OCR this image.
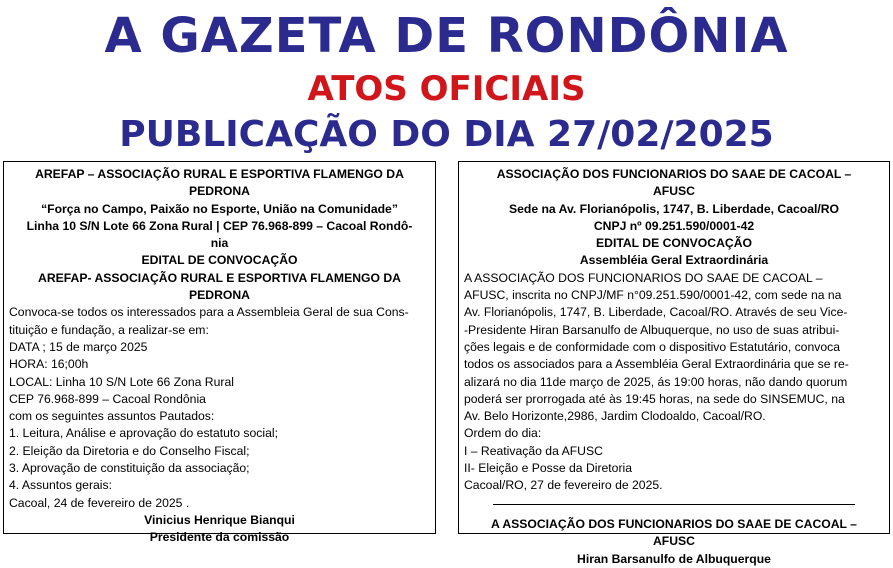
A GAZETA DE RONDÔNIA
ATOS OFICIAIS
PUBLICAÇÃO DO DIA 27/02/2025
AREFAP – ASSOCIAÇÃO RURAL E ESPORTIVA FLAMENGO DA
PEDRONA
“Força no Campo, Paixão no Esporte, União na Comunidade”
Linha 10 S/N Lote 66 Zona Rural | CEP 76.968-899 – Cacoal Rondô-
nia
EDITAL DE CONVOCAÇÃO
AREFAP- ASSOCIAÇÃO RURAL E ESPORTIVA FLAMENGO DA
PEDRONA
Convoca-se todos os interessados para a Assembleia Geral de sua Cons-
tituição e fundação, a realizar-se em:
DATA ; 15 de março 2025
HORA: 16;00h
LOCAL: Linha 10 S/N Lote 66 Zona Rural
CEP 76.968-899 – Cacoal Rondônia
com os seguintes assuntos Pautados:
1. Leitura, Análise e aprovação do estatuto social;
2. Eleição da Diretoria e do Conselho Fiscal;
3. Aprovação de constituição da associação;
4. Assuntos gerais:
Cacoal, 24 de fevereiro de 2025 .
Vinicius Henrique Bianqui
Presidente da comissão
ASSOCIAÇÃO DOS FUNCIONARIOS DO SAAE DE CACOAL –
AFUSC
Sede na Av. Florianópolis, 1747, B. Liberdade, Cacoal/RO
CNPJ nº 09.251.590/0001-42
EDITAL DE CONVOCAÇÃO
Assembléia Geral Extraordinária
A ASSOCIAÇÃO DOS FUNCIONARIOS DO SAAE DE CACOAL –
AFUSC, inscrita no CNPJ/MF n°09.251.590/0001-42, com sede na na
Av. Florianópolis, 1747, B. Liberdade, Cacoal/RO. Através de seu Vice-
-Presidente Hiran Barsanulfo de Albuquerque, no uso de suas atribui-
ções legais e de conformidade com o dispositivo Estatutário, convoca
todos os associados para a Assembléia Geral Extraordinária que se re-
alizará no dia 11de março de 2025, ás 19:00 horas, não dando quorum
poderá ser prorrogada até às 19:45 horas, na sede do SINSEMUC, na
Av. Belo Horizonte,2986, Jardim Clodoaldo, Cacoal/RO.
Ordem do dia:
I – Reativação da AFUSC
II- Eleição e Posse da Diretoria
Cacoal/RO, 27 de fevereiro de 2025.
A ASSOCIAÇÃO DOS FUNCIONARIOS DO SAAE DE CACOAL –
AFUSC
Hiran Barsanulfo de Albuquerque
